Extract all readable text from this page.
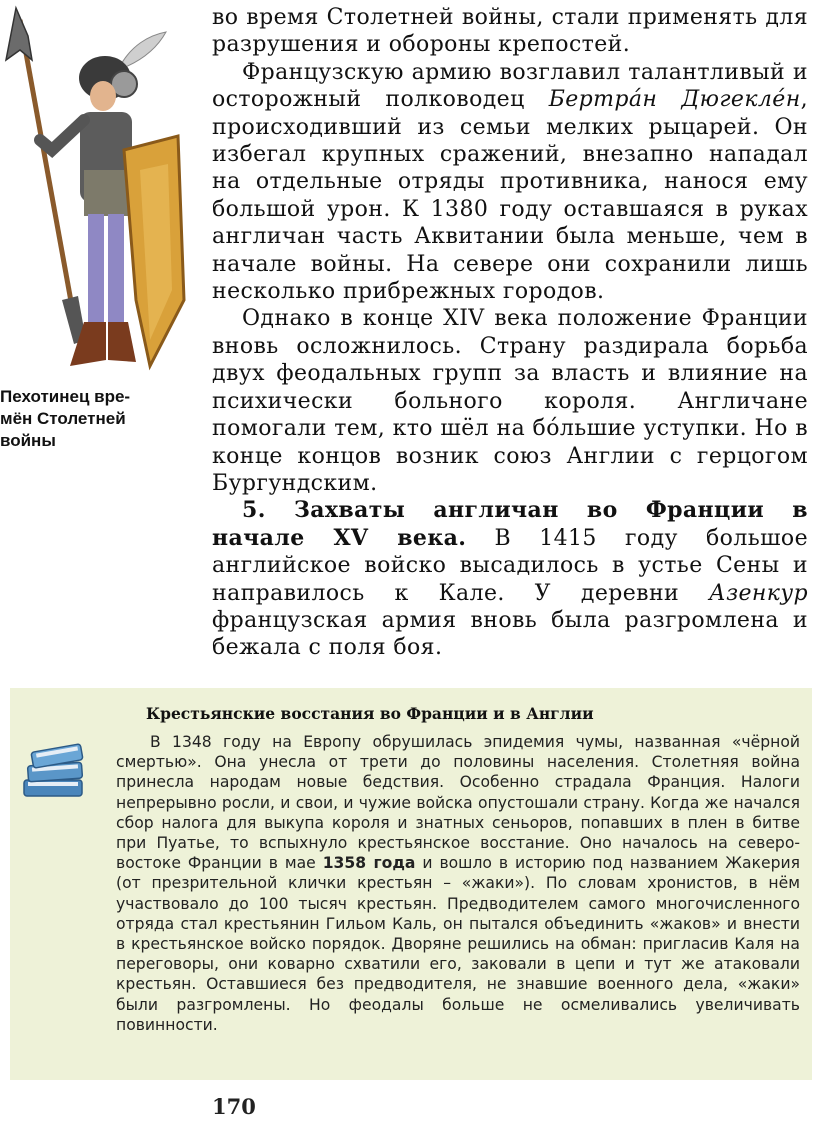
Пехотинец вре-
мён Столетней
войны

во время Столетней войны, стали применять для разрушения и обороны крепостей.

Французскую армию возглавил талантливый и осторожный полководец Бертра́н Дюгекле́н, происходивший из семьи мелких рыцарей. Он избегал крупных сражений, внезапно нападал на отдельные отряды противника, нанося ему большой урон. К 1380 году оставшаяся в руках англичан часть Аквитании была меньше, чем в начале войны. На севере они сохранили лишь несколько прибрежных городов.

Однако в конце XIV века положение Франции вновь осложнилось. Страну раздирала борьба двух феодальных групп за власть и влияние на психически больного короля. Англичане помогали тем, кто шёл на бо́льшие уступки. Но в конце концов возник союз Англии с герцогом Бургундским.

5. Захваты англичан во Франции в начале XV века. В 1415 году большое английское войско высадилось в устье Сены и направилось к Кале. У деревни Азенкур французская армия вновь была разгромлена и бежала с поля боя.

Крестьянские восстания во Франции и в Англии

В 1348 году на Европу обрушилась эпидемия чумы, названная «чёрной смертью». Она унесла от трети до половины населения. Столетняя война принесла народам новые бедствия. Особенно страдала Франция. Налоги непрерывно росли, и свои, и чужие войска опустошали страну. Когда же начался сбор налога для выкупа короля и знатных сеньоров, попавших в плен в битве при Пуатье, то вспыхнуло крестьянское восстание. Оно началось на северо-востоке Франции в мае 1358 года и вошло в историю под названием Жакерия (от презрительной клички крестьян – «жаки»). По словам хронистов, в нём участвовало до 100 тысяч крестьян. Предводителем самого многочисленного отряда стал крестьянин Гильом Каль, он пытался объединить «жаков» и внести в крестьянское войско порядок. Дворяне решились на обман: пригласив Каля на переговоры, они коварно схватили его, заковали в цепи и тут же атаковали крестьян. Оставшиеся без предводителя, не знавшие военного дела, «жаки» были разгромлены. Но феодалы больше не осмеливались увеличивать повинности.

170
